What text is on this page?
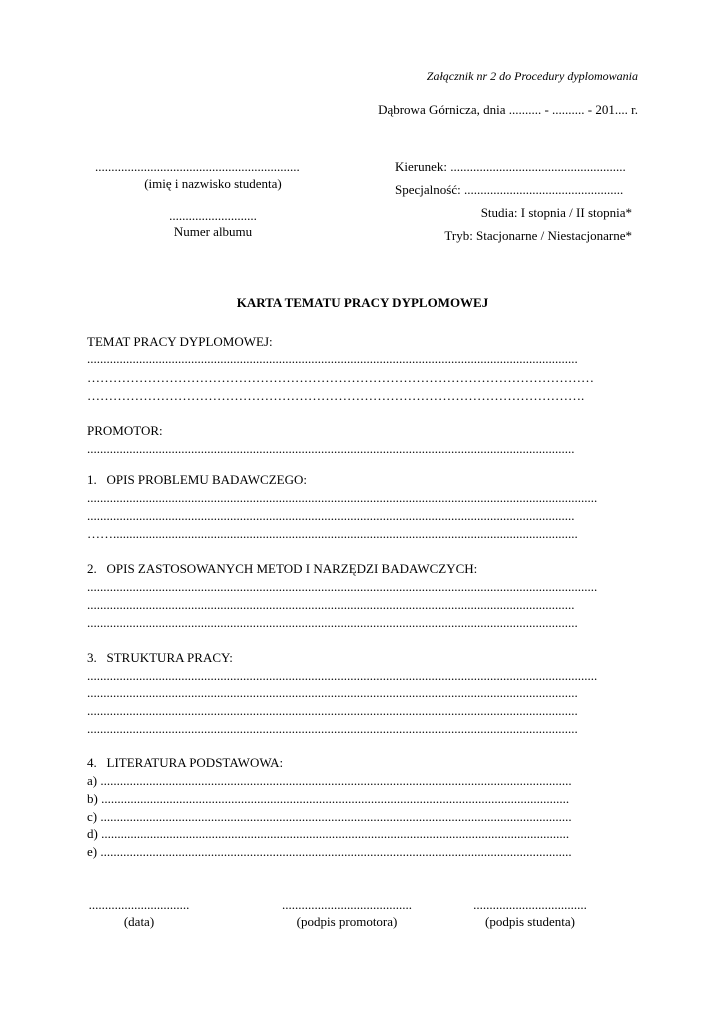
Załącznik nr 2 do Procedury dyplomowania
Dąbrowa Górnicza, dnia .......... - .......... - 201.... r.
...............................................................
(imię i nazwisko studenta)
...........................
Numer albumu
Kierunek: ......................................................
Specjalność: .................................................
Studia: I stopnia / II stopnia*
Tryb: Stacjonarne / Niestacjonarne*
KARTA TEMATU PRACY DYPLOMOWEJ
TEMAT PRACY DYPLOMOWEJ:
.......................................................................................................................................................
………………………………………………………………………………………………………
…………………………………………………………………………………………………….
PROMOTOR:
......................................................................................................................................................
1.   OPIS PROBLEMU BADAWCZEGO:
.............................................................................................................................................................
......................................................................................................................................................
……...............................................................................................................................................
2.   OPIS ZASTOSOWANYCH METOD I NARZĘDZI BADAWCZYCH:
.............................................................................................................................................................
......................................................................................................................................................
.......................................................................................................................................................
3.   STRUKTURA PRACY:
.............................................................................................................................................................
.......................................................................................................................................................
.......................................................................................................................................................
.......................................................................................................................................................
4.   LITERATURA PODSTAWOWA:
a) .................................................................................................................................................
b) ................................................................................................................................................
c) .................................................................................................................................................
d) ................................................................................................................................................
e) .................................................................................................................................................
...............................
(data)
........................................
(podpis promotora)
...................................
(podpis studenta)
